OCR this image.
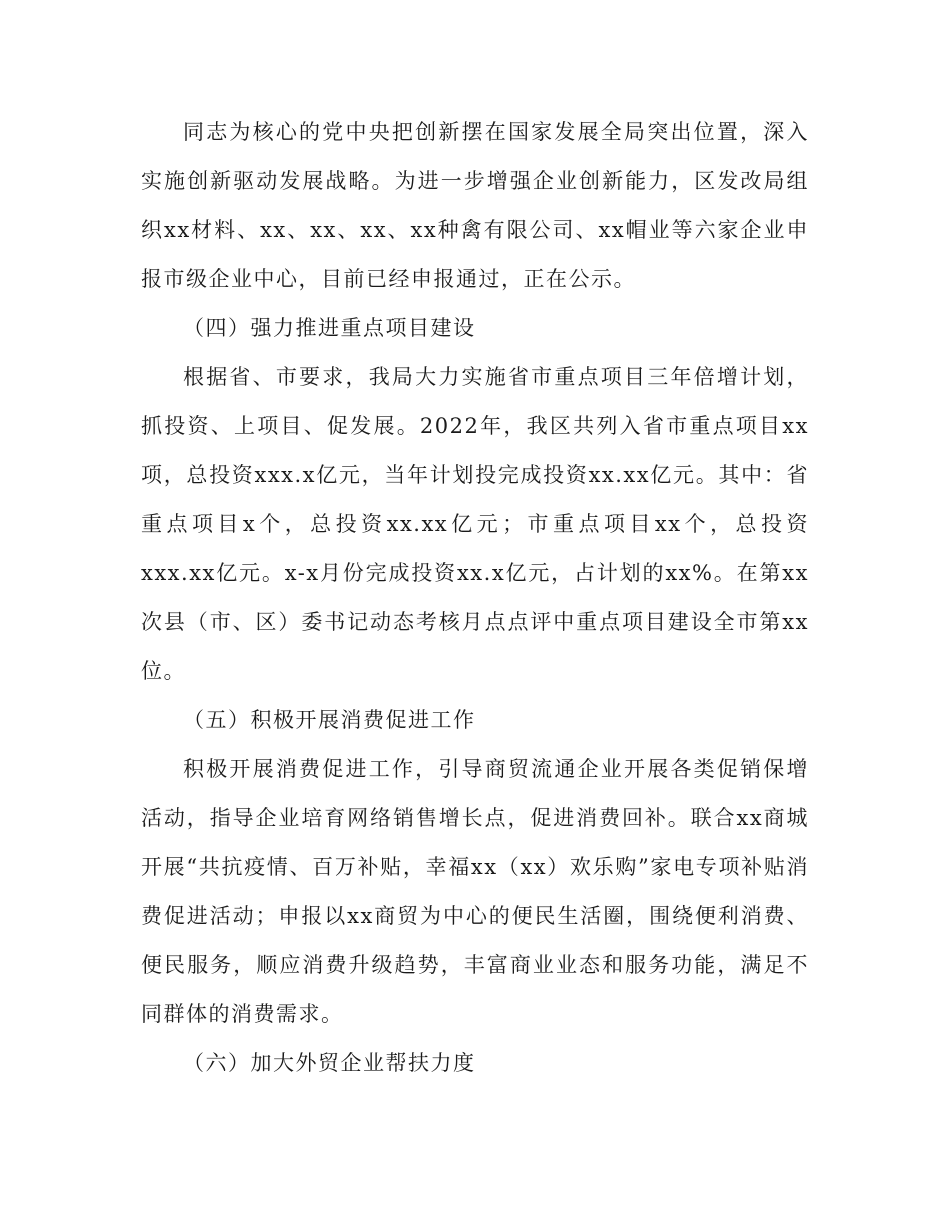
同志为核心的党中央把创新摆在国家发展全局突出位置，深入实施创新驱动发展战略。为进一步增强企业创新能力，区发改局组织xx材料、xx、xx、xx、xx种禽有限公司、xx帽业等六家企业申报市级企业中心，目前已经申报通过，正在公示。

（四）强力推进重点项目建设

根据省、市要求，我局大力实施省市重点项目三年倍增计划，抓投资、上项目、促发展。2022年，我区共列入省市重点项目xx项，总投资xxx.x亿元，当年计划投完成投资xx.xx亿元。其中：省重点项目x个，总投资xx.xx亿元；市重点项目xx个，总投资xxx.xx亿元。x-x月份完成投资xx.x亿元，占计划的xx%。在第xx次县（市、区）委书记动态考核月点点评中重点项目建设全市第xx位。

（五）积极开展消费促进工作

积极开展消费促进工作，引导商贸流通企业开展各类促销保增活动，指导企业培育网络销售增长点，促进消费回补。联合xx商城开展“共抗疫情、百万补贴，幸福xx（xx）欢乐购”家电专项补贴消费促进活动；申报以xx商贸为中心的便民生活圈，围绕便利消费、便民服务，顺应消费升级趋势，丰富商业业态和服务功能，满足不同群体的消费需求。

（六）加大外贸企业帮扶力度
